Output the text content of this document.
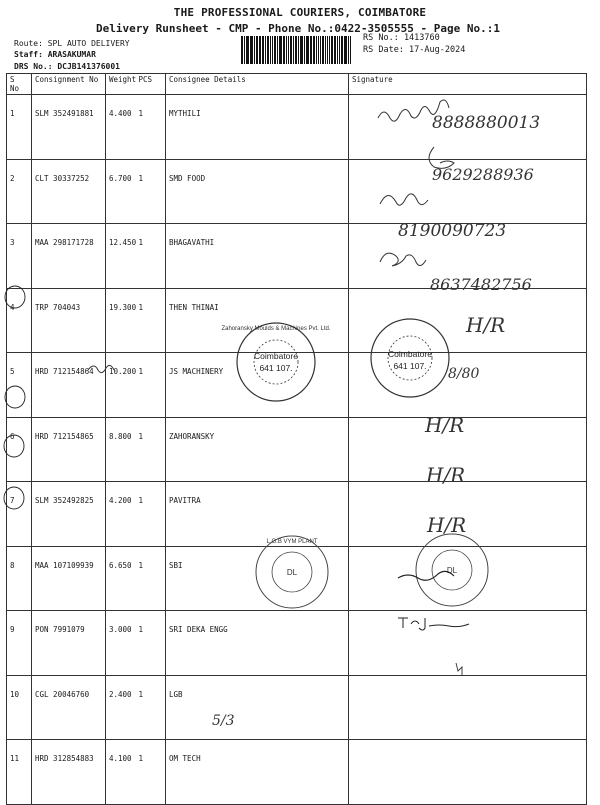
THE PROFESSIONAL COURIERS, COIMBATORE
Delivery Runsheet - CMP - Phone No.:0422-3505555 - Page No.:1
Route: SPL AUTO DELIVERY
Staff: ARASAKUMAR
DRS No.: DCJB141376001
RS No.: 1413760
RS Date: 17-Aug-2024
S No	Consignment No	Weight	PCS	Consignee Details	Signature
1	SLM 352491881	4.400	1	MYTHILI	
2	CLT 30337252	6.700	1	SMD FOOD	
3	MAA 298171728	12.450	1	BHAGAVATHI	
4	TRP 704043	19.300	1	THEN THINAI	
5	HRD 712154864	10.200	1	JS MACHINERY	
6	HRD 712154865	8.800	1	ZAHORANSKY	
7	SLM 352492825	4.200	1	PAVITRA	
8	MAA 107109939	6.650	1	SBI	
9	PON 7991079	3.000	1	SRI DEKA ENGG	
10	CGL 20046760	2.400	1	LGB	
11	HRD 312854883	4.100	1	OM TECH	
8888880013
9629288936
8190090723
8637482756
H/R
H/R
H/R
H/R
8/80
Coimbatore
641 107.
Coimbatore
641 107.
Zahoransky Moulds & Machines Pvt. Ltd.
DL	DL
L.G.B VYM PLANT
5/3
